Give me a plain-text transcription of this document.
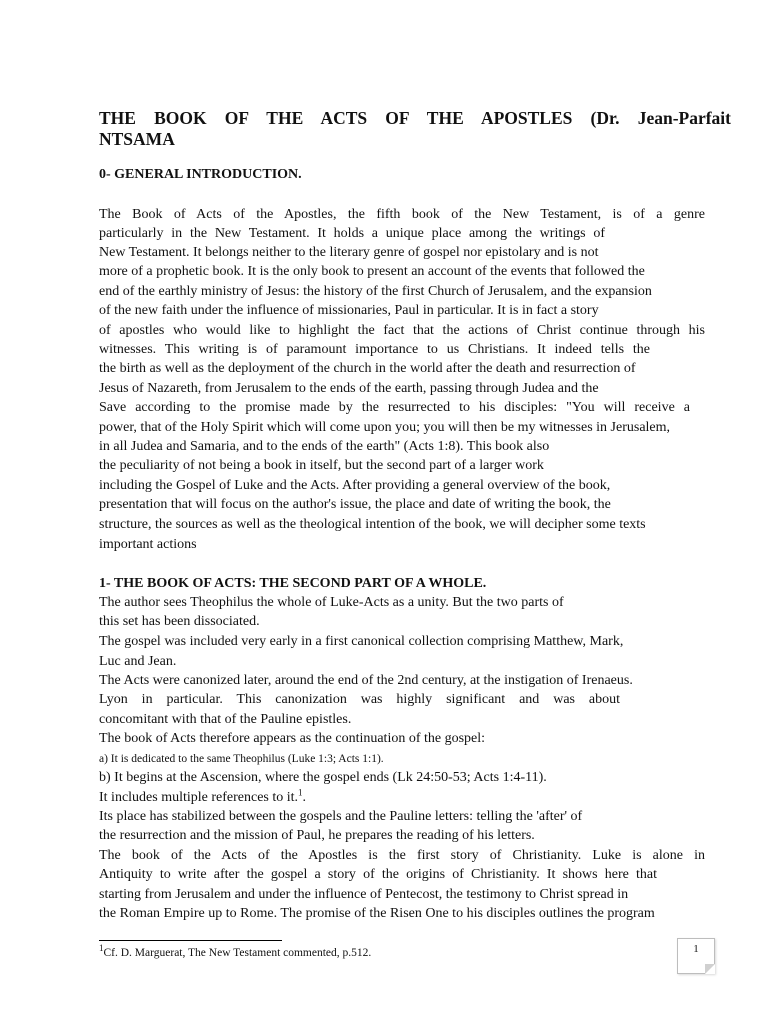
THE BOOK OF THE ACTS OF THE APOSTLES (Dr. Jean-Parfait
NTSAMA
0- GENERAL INTRODUCTION.
The Book of Acts of the Apostles, the fifth book of the New Testament, is of a genre
particularly in the New Testament. It holds a unique place among the writings of
New Testament. It belongs neither to the literary genre of gospel nor epistolary and is not
more of a prophetic book. It is the only book to present an account of the events that followed the
end of the earthly ministry of Jesus: the history of the first Church of Jerusalem, and the expansion
of the new faith under the influence of missionaries, Paul in particular. It is in fact a story
of apostles who would like to highlight the fact that the actions of Christ continue through his
witnesses. This writing is of paramount importance to us Christians. It indeed tells the
the birth as well as the deployment of the church in the world after the death and resurrection of
Jesus of Nazareth, from Jerusalem to the ends of the earth, passing through Judea and the
Save according to the promise made by the resurrected to his disciples: "You will receive a
power, that of the Holy Spirit which will come upon you; you will then be my witnesses in Jerusalem,
in all Judea and Samaria, and to the ends of the earth" (Acts 1:8). This book also
the peculiarity of not being a book in itself, but the second part of a larger work
including the Gospel of Luke and the Acts. After providing a general overview of the book,
presentation that will focus on the author's issue, the place and date of writing the book, the
structure, the sources as well as the theological intention of the book, we will decipher some texts
important actions
1- THE BOOK OF ACTS: THE SECOND PART OF A WHOLE.
The author sees Theophilus the whole of Luke-Acts as a unity. But the two parts of
this set has been dissociated.
The gospel was included very early in a first canonical collection comprising Matthew, Mark,
Luc and Jean.
The Acts were canonized later, around the end of the 2nd century, at the instigation of Irenaeus.
Lyon in particular. This canonization was highly significant and was about
concomitant with that of the Pauline epistles.
The book of Acts therefore appears as the continuation of the gospel:
a) It is dedicated to the same Theophilus (Luke 1:3; Acts 1:1).
b) It begins at the Ascension, where the gospel ends (Lk 24:50-53; Acts 1:4-11).
It includes multiple references to it.$^1$.
Its place has stabilized between the gospels and the Pauline letters: telling the 'after' of
the resurrection and the mission of Paul, he prepares the reading of his letters.
The book of the Acts of the Apostles is the first story of Christianity. Luke is alone in
Antiquity to write after the gospel a story of the origins of Christianity. It shows here that
starting from Jerusalem and under the influence of Pentecost, the testimony to Christ spread in
the Roman Empire up to Rome. The promise of the Risen One to his disciples outlines the program
$^1$Cf. D. Marguerat, The New Testament commented, p.512.	1
